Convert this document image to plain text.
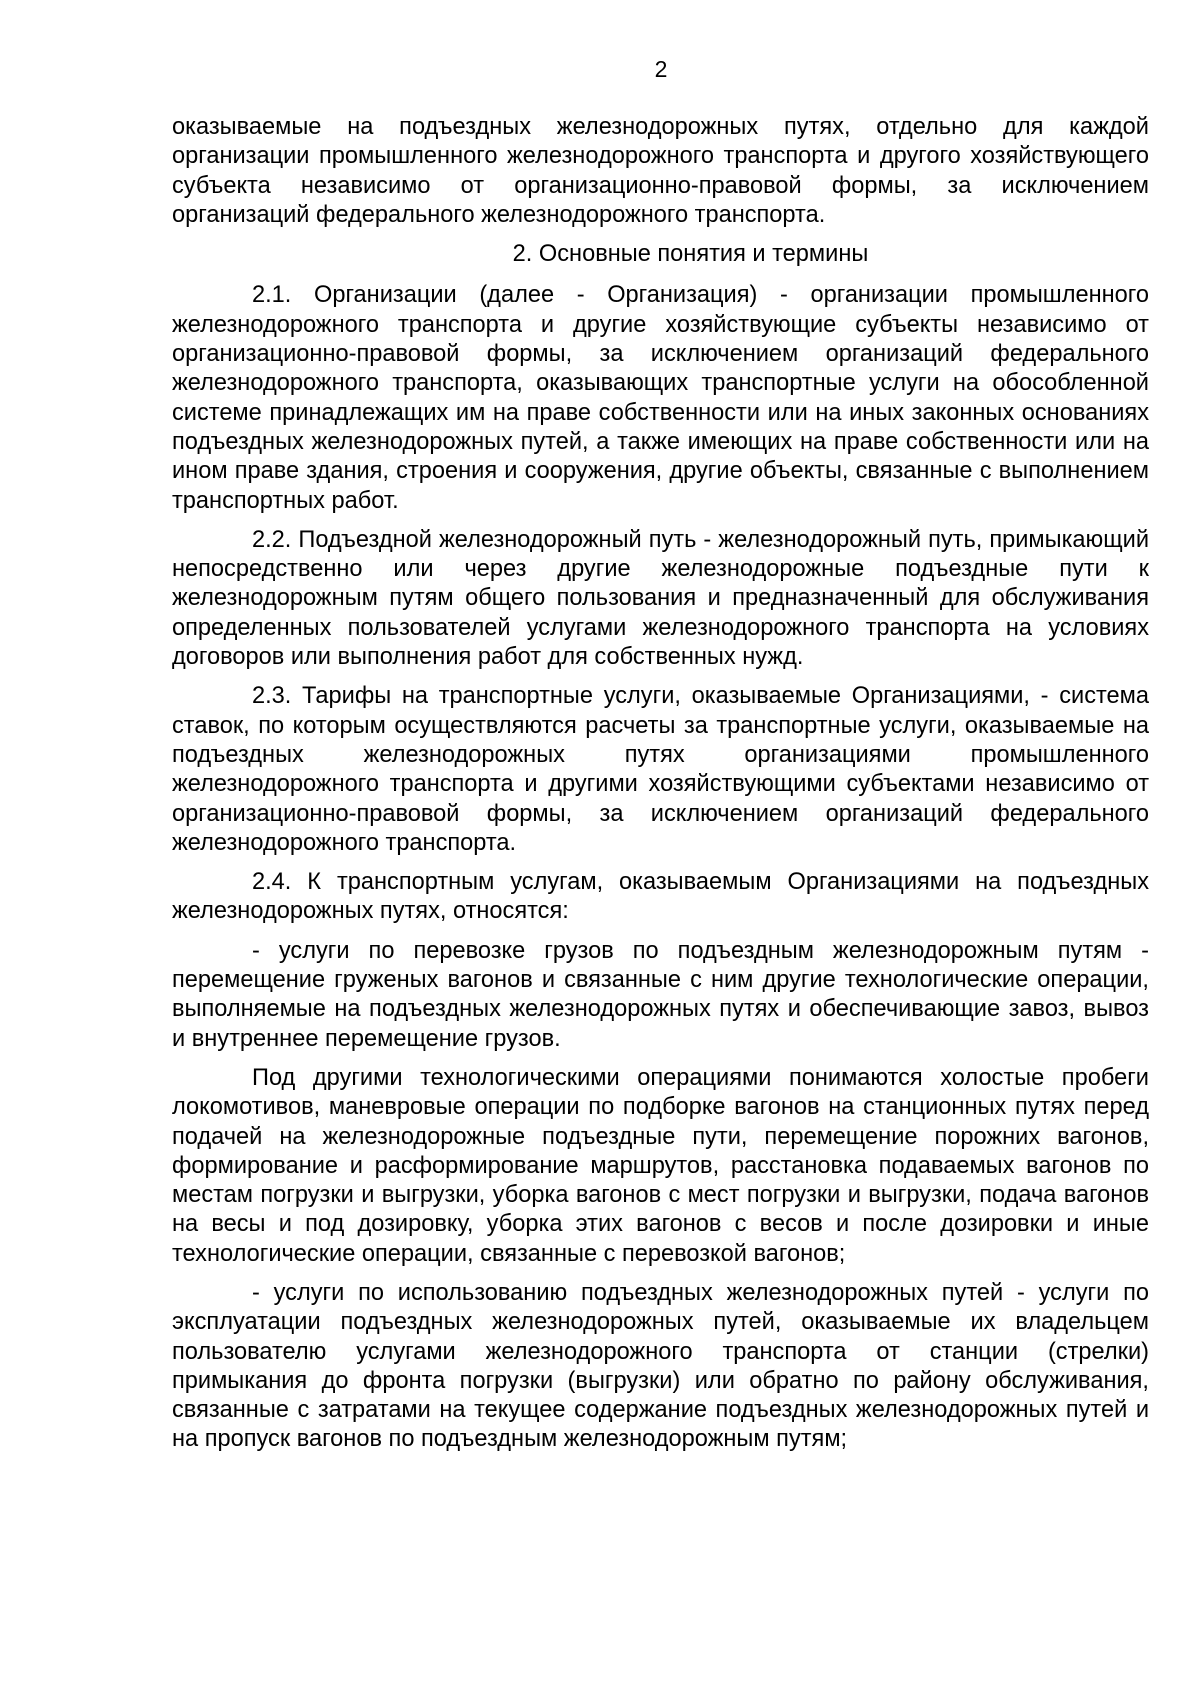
2

оказываемые на подъездных железнодорожных путях, отдельно для каждой организации промышленного железнодорожного транспорта и другого хозяйствующего субъекта независимо от организационно-правовой формы, за исключением организаций федерального железнодорожного транспорта.

2. Основные понятия и термины

2.1. Организации (далее - Организация) - организации промышленного железнодорожного транспорта и другие хозяйствующие субъекты независимо от организационно-правовой формы, за исключением организаций федерального железнодорожного транспорта, оказывающих транспортные услуги на обособленной системе принадлежащих им на праве собственности или на иных законных основаниях подъездных железнодорожных путей, а также имеющих на праве собственности или на ином праве здания, строения и сооружения, другие объекты, связанные с выполнением транспортных работ.

2.2. Подъездной железнодорожный путь - железнодорожный путь, примыкающий непосредственно или через другие железнодорожные подъездные пути к железнодорожным путям общего пользования и предназначенный для обслуживания определенных пользователей услугами железнодорожного транспорта на условиях договоров или выполнения работ для собственных нужд.

2.3. Тарифы на транспортные услуги, оказываемые Организациями, - система ставок, по которым осуществляются расчеты за транспортные услуги, оказываемые на подъездных железнодорожных путях организациями промышленного железнодорожного транспорта и другими хозяйствующими субъектами независимо от организационно-правовой формы, за исключением организаций федерального железнодорожного транспорта.

2.4. К транспортным услугам, оказываемым Организациями на подъездных железнодорожных путях, относятся:

- услуги по перевозке грузов по подъездным железнодорожным путям - перемещение груженых вагонов и связанные с ним другие технологические операции, выполняемые на подъездных железнодорожных путях и обеспечивающие завоз, вывоз и внутреннее перемещение грузов.

Под другими технологическими операциями понимаются холостые пробеги локомотивов, маневровые операции по подборке вагонов на станционных путях перед подачей на железнодорожные подъездные пути, перемещение порожних вагонов, формирование и расформирование маршрутов, расстановка подаваемых вагонов по местам погрузки и выгрузки, уборка вагонов с мест погрузки и выгрузки, подача вагонов на весы и под дозировку, уборка этих вагонов с весов и после дозировки и иные технологические операции, связанные с перевозкой вагонов;

- услуги по использованию подъездных железнодорожных путей - услуги по эксплуатации подъездных железнодорожных путей, оказываемые их владельцем пользователю услугами железнодорожного транспорта от станции (стрелки) примыкания до фронта погрузки (выгрузки) или обратно по району обслуживания, связанные с затратами на текущее содержание подъездных железнодорожных путей и на пропуск вагонов по подъездным железнодорожным путям;
